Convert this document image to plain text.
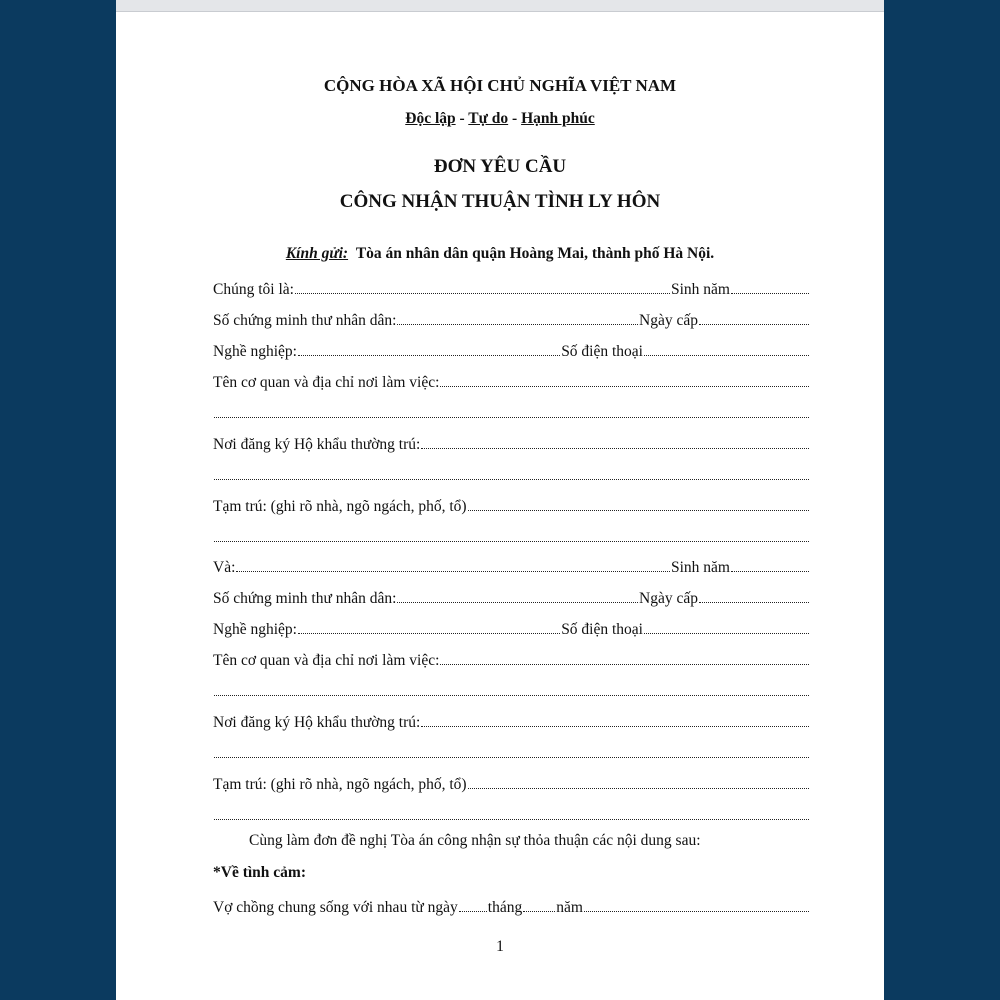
CỘNG HÒA XÃ HỘI CHỦ NGHĨA VIỆT NAM
Độc lập - Tự do - Hạnh phúc
ĐƠN YÊU CẦU
CÔNG NHẬN THUẬN TÌNH LY HÔN
Kính gửi: Tòa án nhân dân quận Hoàng Mai, thành phố Hà Nội.
Chúng tôi là:	Sinh năm
Số chứng minh thư nhân dân:	Ngày cấp
Nghề nghiệp:	Số điện thoại
Tên cơ quan và địa chỉ nơi làm việc:
Nơi đăng ký Hộ khẩu thường trú:
Tạm trú: (ghi rõ nhà, ngõ ngách, phố, tổ)
Và:	Sinh năm
Số chứng minh thư nhân dân:	Ngày cấp
Nghề nghiệp:	Số điện thoại
Tên cơ quan và địa chỉ nơi làm việc:
Nơi đăng ký Hộ khẩu thường trú:
Tạm trú: (ghi rõ nhà, ngõ ngách, phố, tổ)
Cùng làm đơn đề nghị Tòa án công nhận sự thỏa thuận các nội dung sau:
*Về tình cảm:
Vợ chồng chung sống với nhau từ ngày tháng năm
1
